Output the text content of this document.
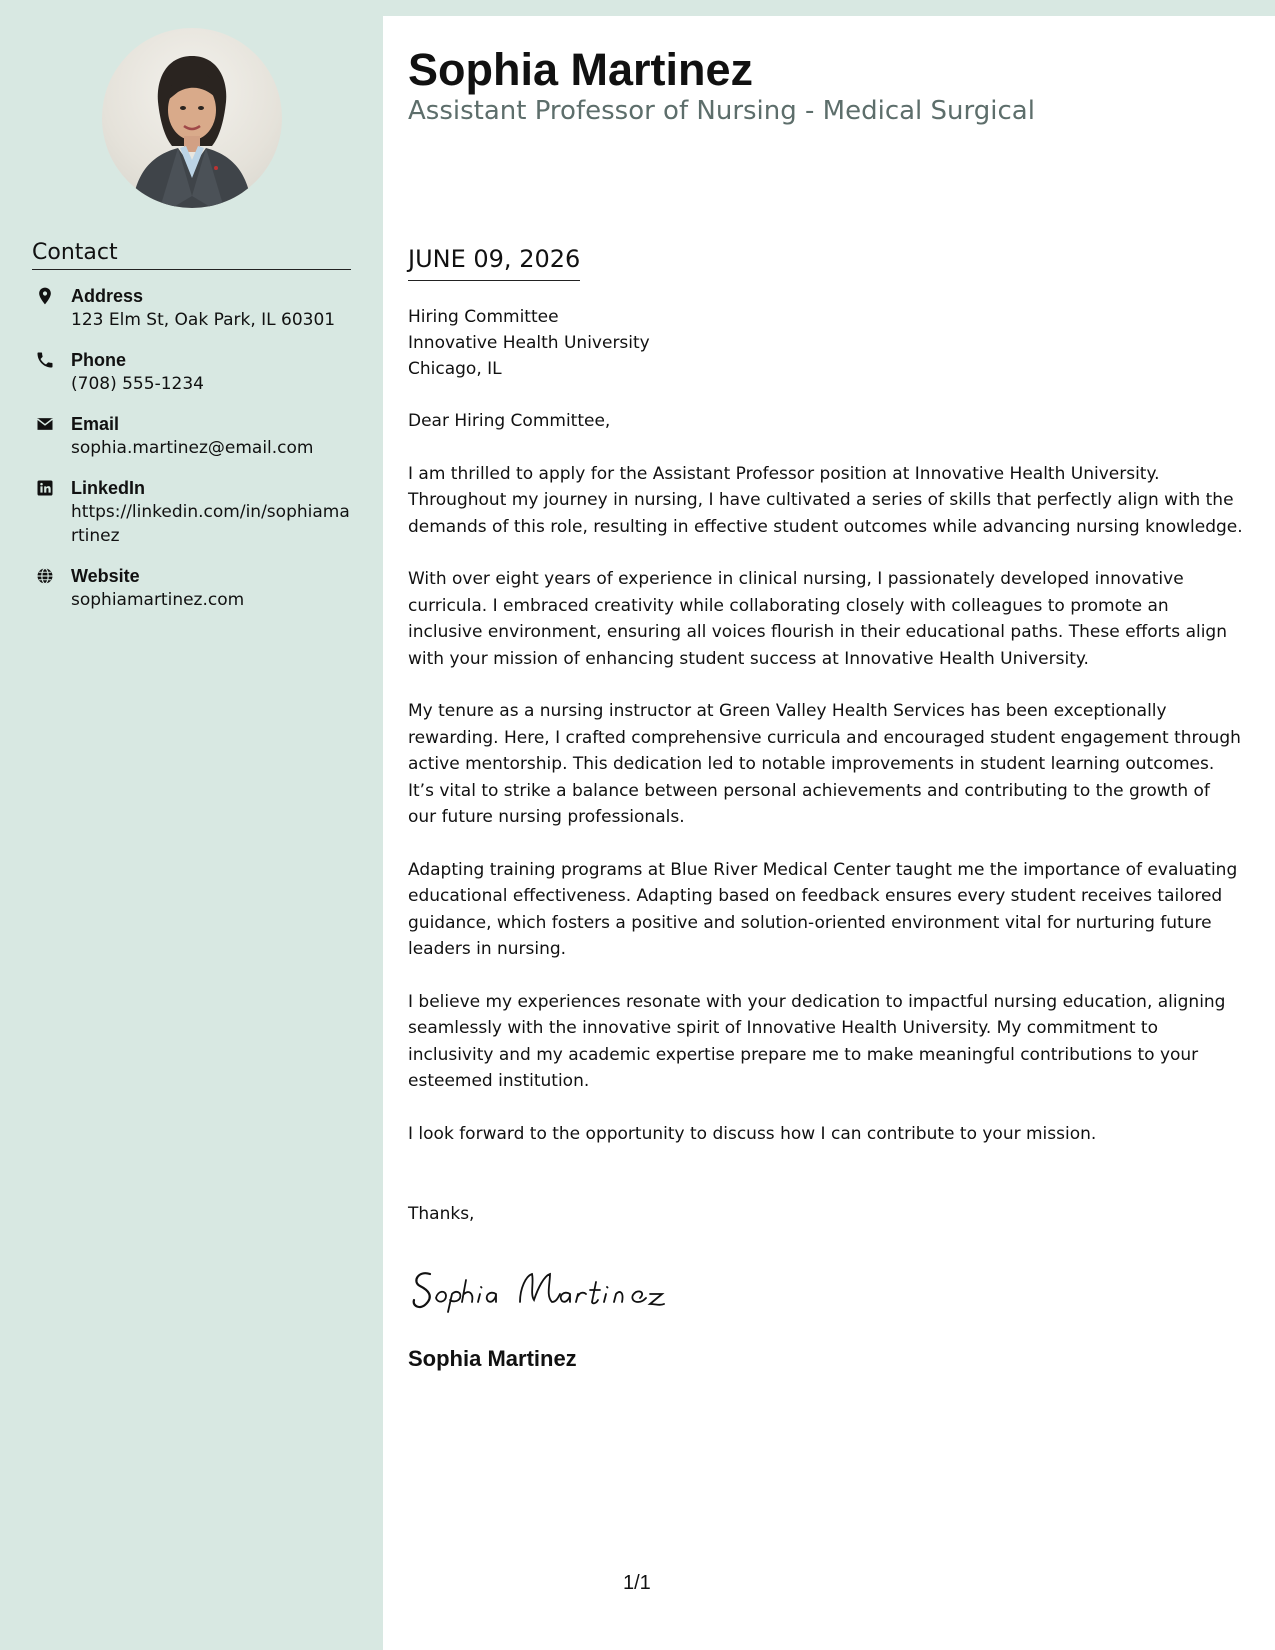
Contact
Address
123 Elm St, Oak Park, IL 60301
Phone
(708) 555-1234
Email
sophia.martinez@email.com
LinkedIn
https://linkedin.com/in/sophiamartinez
Website
sophiamartinez.com
Sophia Martinez
Assistant Professor of Nursing - Medical Surgical
JUNE 09, 2026
Hiring Committee
Innovative Health University
Chicago, IL

Dear Hiring Committee,

I am thrilled to apply for the Assistant Professor position at Innovative Health University. Throughout my journey in nursing, I have cultivated a series of skills that perfectly align with the demands of this role, resulting in effective student outcomes while advancing nursing knowledge.

With over eight years of experience in clinical nursing, I passionately developed innovative curricula. I embraced creativity while collaborating closely with colleagues to promote an inclusive environment, ensuring all voices flourish in their educational paths. These efforts align with your mission of enhancing student success at Innovative Health University.

My tenure as a nursing instructor at Green Valley Health Services has been exceptionally rewarding. Here, I crafted comprehensive curricula and encouraged student engagement through active mentorship. This dedication led to notable improvements in student learning outcomes. It’s vital to strike a balance between personal achievements and contributing to the growth of our future nursing professionals.

Adapting training programs at Blue River Medical Center taught me the importance of evaluating educational effectiveness. Adapting based on feedback ensures every student receives tailored guidance, which fosters a positive and solution-oriented environment vital for nurturing future leaders in nursing.

I believe my experiences resonate with your dedication to impactful nursing education, aligning seamlessly with the innovative spirit of Innovative Health University. My commitment to inclusivity and my academic expertise prepare me to make meaningful contributions to your esteemed institution.

I look forward to the opportunity to discuss how I can contribute to your mission.

Thanks,

Sophia Martinez
1/1
